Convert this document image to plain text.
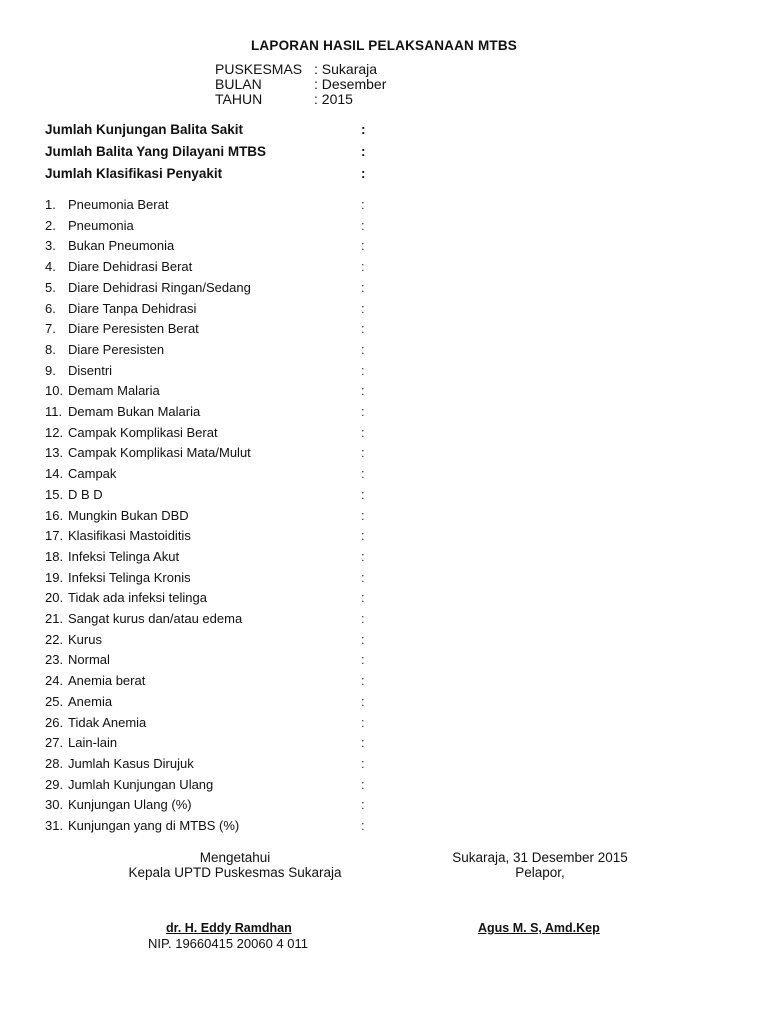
LAPORAN HASIL PELAKSANAAN MTBS
PUSKESMAS : Sukaraja
BULAN	: Desember
TAHUN	: 2015
Jumlah Kunjungan Balita Sakit	:
Jumlah Balita Yang Dilayani MTBS	:
Jumlah Klasifikasi Penyakit	:
1. Pneumonia Berat	:
2. Pneumonia	:
3. Bukan Pneumonia	:
4. Diare Dehidrasi Berat	:
5. Diare Dehidrasi Ringan/Sedang	:
6. Diare Tanpa Dehidrasi	:
7. Diare Peresisten Berat	:
8. Diare Peresisten	:
9. Disentri	:
10. Demam Malaria	:
11. Demam Bukan Malaria	:
12. Campak Komplikasi Berat	:
13. Campak Komplikasi Mata/Mulut	:
14. Campak	:
15. D B D	:
16. Mungkin Bukan DBD	:
17. Klasifikasi Mastoiditis	:
18. Infeksi Telinga Akut	:
19. Infeksi Telinga Kronis	:
20. Tidak ada infeksi telinga	:
21. Sangat kurus dan/atau edema	:
22. Kurus	:
23. Normal	:
24. Anemia berat	:
25. Anemia	:
26. Tidak Anemia	:
27. Lain-lain	:
28. Jumlah Kasus Dirujuk	:
29. Jumlah Kunjungan Ulang	:
30. Kunjungan Ulang (%)	:
31. Kunjungan yang di MTBS (%)	:
Mengetahui
Kepala UPTD Puskesmas Sukaraja
Sukaraja, 31 Desember 2015
Pelapor,
dr. H. Eddy Ramdhan
NIP. 19660415 20060 4 011
Agus M. S, Amd.Kep
